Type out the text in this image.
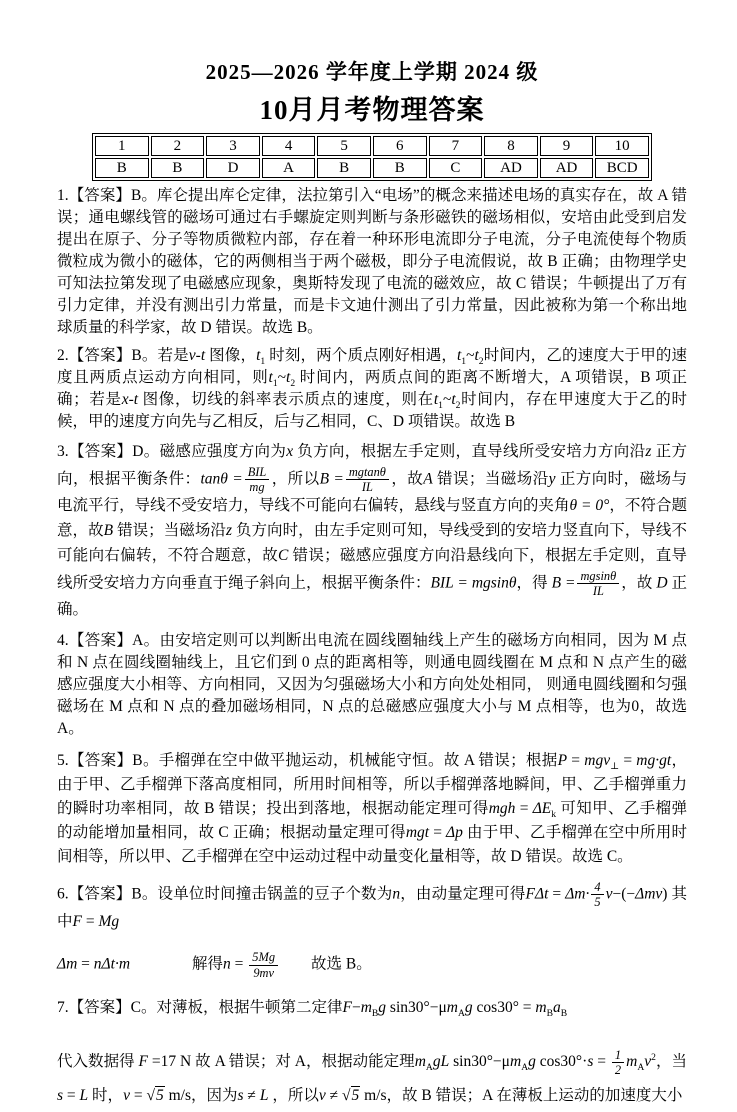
2025—2026 学年度上学期 2024 级
10月月考物理答案
1	2	3	4	5	6	7	8	9	10
B	B	D	A	B	B	C	AD	AD	BCD

1.【答案】B。库仑提出库仑定律，法拉第引入“电场”的概念来描述电场的真实存在，故 A 错误；通电螺线管的磁场可通过右手螺旋定则判断与条形磁铁的磁场相似，安培由此受到启发提出在原子、分子等物质微粒内部，存在着一种环形电流即分子电流，分子电流使每个物质微粒成为微小的磁体，它的两侧相当于两个磁极，即分子电流假说，故 B 正确；由物理学史可知法拉第发现了电磁感应现象，奥斯特发现了电流的磁效应，故 C 错误；牛顿提出了万有引力定律，并没有测出引力常量，而是卡文迪什测出了引力常量，因此被称为第一个称出地球质量的科学家，故 D 错误。故选 B。

2.【答案】B。若是v-t 图像，$t_1$ 时刻，两个质点刚好相遇，$t_1\sim t_2$时间内，乙的速度大于甲的速度且两质点运动方向相同，则$t_1\sim t_2$ 时间内，两质点间的距离不断增大，A 项错误，B 项正确；若是x-t 图像，切线的斜率表示质点的速度，则在$t_1\sim t_2$时间内，存在甲速度大于乙的时候，甲的速度方向先与乙相反，后与乙相同，C、D 项错误。故选 B

3.【答案】D。磁感应强度方向为x 负方向，根据左手定则，直导线所受安培力方向沿z 正方向，根据平衡条件：$\tan\theta = \frac{\text{BIL}}{mg}$ ，所以$B = \frac{mgtan\theta}{IL}$ ，故A 错误；当磁场沿y 正方向时，磁场与电流平行，导线不受安培力，导线不可能向右偏转，悬线与竖直方向的夹角θ = 0°，不符合题意，故B 错误；当磁场沿z 负方向时，由左手定则可知，导线受到的安培力竖直向下，导线不可能向右偏转，不符合题意，故C 错误；磁感应强度方向沿悬线向下，根据左手定则，直导线所受安培力方向垂直于绳子斜向上，根据平衡条件：BIL = mgsinθ，得 $B = \frac{mgsin\theta}{IL}$ ，故 D 正确。

4.【答案】A。由安培定则可以判断出电流在圆线圈轴线上产生的磁场方向相同，因为 M 点和 N 点在圆线圈轴线上，且它们到 0 点的距离相等，则通电圆线圈在 M 点和 N 点产生的磁感应强度大小相等、方向相同，又因为匀强磁场大小和方向处处相同， 则通电圆线圈和匀强磁场在 M 点和 N 点的叠加磁场相同，N 点的总磁感应强度大小与 M 点相等，也为0，故选 A。

5.【答案】B。手榴弹在空中做平抛运动，机械能守恒。故 A 错误；根据P = mgv$_\perp$ = mg·gt，由于甲、乙手榴弹下落高度相同，所用时间相等，所以手榴弹落地瞬间，甲、乙手榴弹重力的瞬时功率相同，故 B 错误；投出到落地，根据动能定理可得mgh = $\Delta E_k$ 可知甲、乙手榴弹的动能增加量相同，故 C 正确；根据动量定理可得mgt = Δp 由于甲、乙手榴弹在空中所用时间相等，所以甲、乙手榴弹在空中运动过程中动量变化量相等，故 D 错误。故选 C。

6.【答案】B。设单位时间撞击锅盖的豆子个数为n，由动量定理可得$F\Delta t = \Delta m\cdot \frac{4}{5} v-(-\Delta mv)$ 其中F = Mg

Δm = nΔt·m　　　　解得$n = \frac{5Mg}{9mv}$ 　　故选 B。

7.【答案】C。对薄板，根据牛顿第二定律$F-m_Bg$ $\sin 30^\circ-\mu m_Ag$ $\cos 30^\circ = m_Ba_B$

代入数据得 F =17 N 故 A 错误；对 A，根据动能定理$m_AgL$ $\sin 30^\circ-\mu m_Ag$ $\cos 30^\circ\cdot s = \frac{1}{2} m_Av^2$，当s = L 时，v = √5 m/s，因为s ≠ L ，所以v ≠ √5 m/s，故 B 错误；A 在薄板上运动的加速度大小
